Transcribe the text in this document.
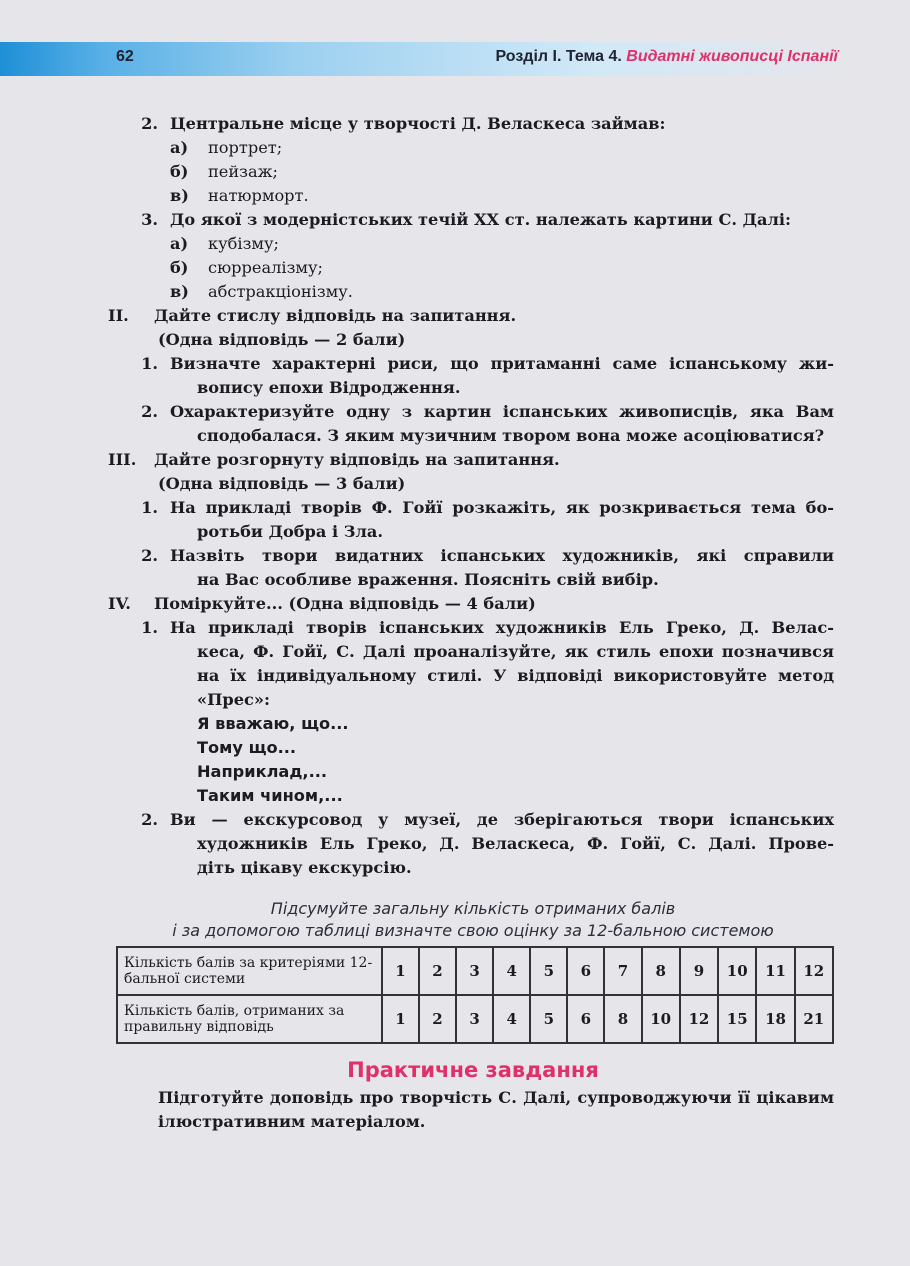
62	Розділ І. Тема 4. Видатні живописці Іспанії
2. Центральне місце у творчості Д. Веласкеса займав:
а)	портрет;
б)	пейзаж;
в)	натюрморт.
3. До якої з модерністських течій ХХ ст. належать картини С. Далі:
а)	кубізму;
б)	сюрреалізму;
в)	абстракціонізму.
II.	Дайте стислу відповідь на запитання.
(Одна відповідь — 2 бали)
1. Визначте характерні риси, що притаманні саме іспанському жи-
вопису епохи Відродження.
2. Охарактеризуйте одну з картин іспанських живописців, яка Вам
сподобалася. З яким музичним твором вона може асоціюватися?
III.	Дайте розгорнуту відповідь на запитання.
(Одна відповідь — 3 бали)
1. На прикладі творів Ф. Гойї розкажіть, як розкривається тема бо-
ротьби Добра і Зла.
2. Назвіть твори видатних іспанських художників, які справили
на Вас особливе враження. Поясніть свій вибір.
IV.	Поміркуйте... (Одна відповідь — 4 бали)
1. На прикладі творів іспанських художників Ель Греко, Д. Велас-
кеса, Ф. Гойї, С. Далі проаналізуйте, як стиль епохи позначився
на їх індивідуальному стилі. У відповіді використовуйте метод
«Прес»:
Я вважаю, що...
Тому що...
Наприклад,...
Таким чином,...
2. Ви — екскурсовод у музеї, де зберігаються твори іспанських
художників Ель Греко, Д. Веласкеса, Ф. Гойї, С. Далі. Прове-
діть цікаву екскурсію.
Підсумуйте загальну кількість отриманих балів
і за допомогою таблиці визначте свою оцінку за 12-бальною системою
Кількість балів за критеріями 12-бальної системи	1	2	3	4	5	6	7	8	9	10	11	12
Кількість балів, отриманих за правильну відповідь	1	2	3	4	5	6	8	10	12	15	18	21
Практичне завдання
Підготуйте доповідь про творчість С. Далі, супроводжуючи її цікавим ілюстративним матеріалом.
